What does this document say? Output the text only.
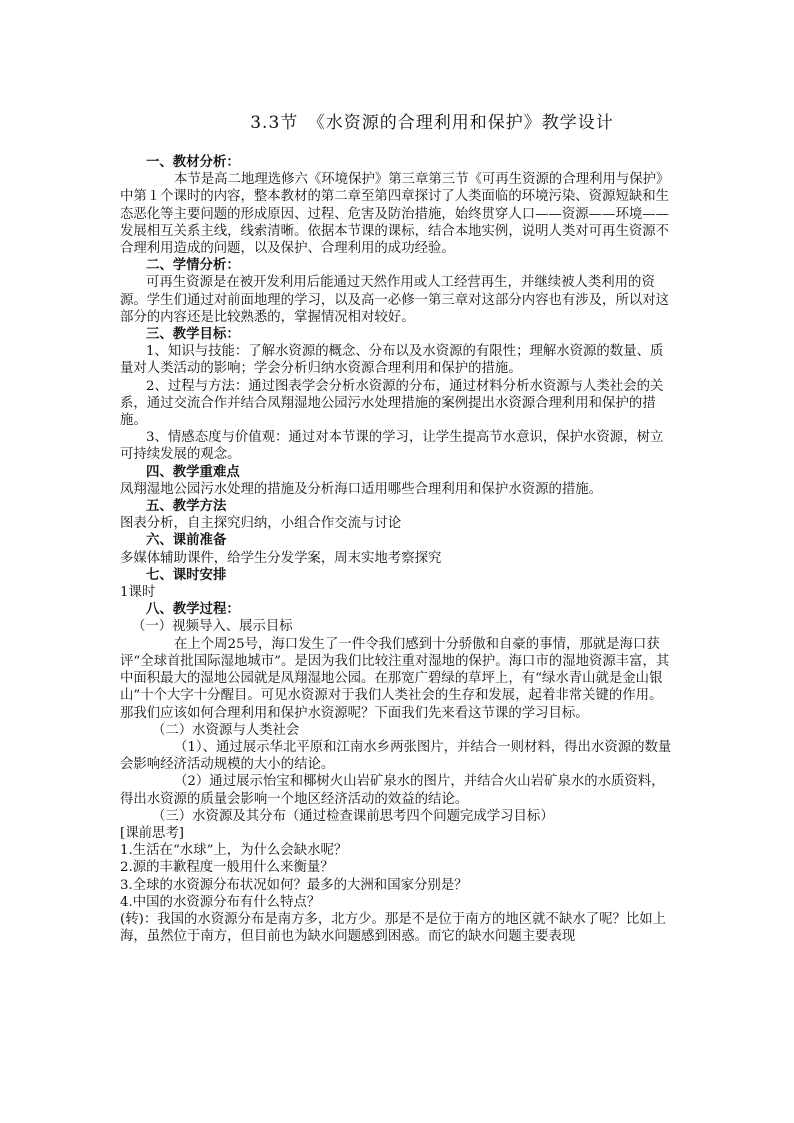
3.3节　《水资源的合理利用和保护》教学设计

一、教材分析：

本节是高二地理选修六《环境保护》第三章第三节《可再生资源的合理利用与保护》中第１个课时的内容，整本教材的第二章至第四章探讨了人类面临的环境污染、资源短缺和生态恶化等主要问题的形成原因、过程、危害及防治措施，始终贯穿人口——资源——环境——发展相互关系主线，线索清晰。依据本节课的课标，结合本地实例，说明人类对可再生资源不合理利用造成的问题，以及保护、合理利用的成功经验。

二、学情分析：

可再生资源是在被开发利用后能通过天然作用或人工经营再生，并继续被人类利用的资源。学生们通过对前面地理的学习，以及高一必修一第三章对这部分内容也有涉及，所以对这部分的内容还是比较熟悉的，掌握情况相对较好。

三、教学目标：

1、知识与技能：了解水资源的概念、分布以及水资源的有限性；理解水资源的数量、质量对人类活动的影响；学会分析归纳水资源合理利用和保护的措施。

2、过程与方法：通过图表学会分析水资源的分布，通过材料分析水资源与人类社会的关系，通过交流合作并结合凤翔湿地公园污水处理措施的案例提出水资源合理利用和保护的措施。

3、情感态度与价值观：通过对本节课的学习，让学生提高节水意识，保护水资源，树立可持续发展的观念。

四、教学重难点

凤翔湿地公园污水处理的措施及分析海口适用哪些合理利用和保护水资源的措施。

五、教学方法

图表分析，自主探究归纳，小组合作交流与讨论

六、课前准备

多媒体辅助课件，给学生分发学案，周末实地考察探究

七、课时安排

1课时

八、教学过程：

（一）视频导入、展示目标

在上个周25号，海口发生了一件令我们感到十分骄傲和自豪的事情，那就是海口获评“全球首批国际湿地城市”。是因为我们比较注重对湿地的保护。海口市的湿地资源丰富，其中面积最大的湿地公园就是凤翔湿地公园。在那宽广碧绿的草坪上，有“绿水青山就是金山银山”十个大字十分醒目。可见水资源对于我们人类社会的生存和发展，起着非常关键的作用。那我们应该如何合理利用和保护水资源呢？下面我们先来看这节课的学习目标。

（二）水资源与人类社会

（1）、通过展示华北平原和江南水乡两张图片，并结合一则材料，得出水资源的数量会影响经济活动规模的大小的结论。

（2）通过展示怡宝和椰树火山岩矿泉水的图片，并结合火山岩矿泉水的水质资料，得出水资源的质量会影响一个地区经济活动的效益的结论。

（三）水资源及其分布（通过检查课前思考四个问题完成学习目标）

[课前思考]

1.生活在“水球”上，为什么会缺水呢？

2.源的丰歉程度一般用什么来衡量？

3.全球的水资源分布状况如何？最多的大洲和国家分别是？

4.中国的水资源分布有什么特点？

(转)：我国的水资源分布是南方多，北方少。那是不是位于南方的地区就不缺水了呢？比如上海，虽然位于南方，但目前也为缺水问题感到困惑。而它的缺水问题主要表现
